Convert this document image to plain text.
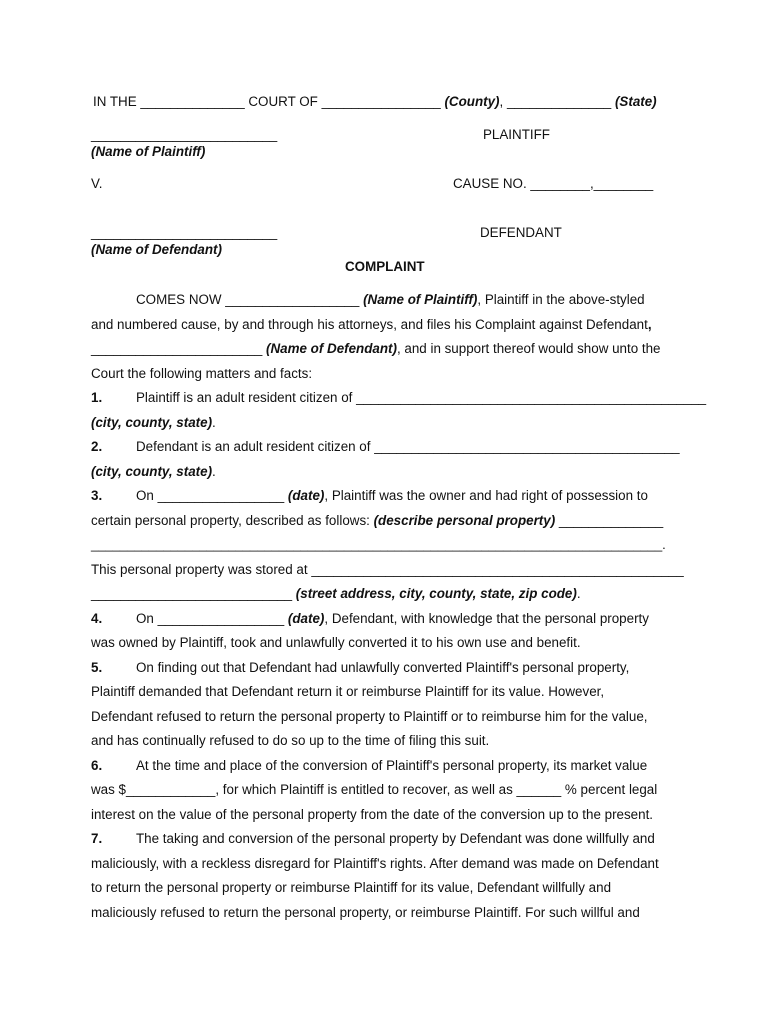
IN THE ______________ COURT OF ________________ (County), ______________ (State)
_________________________	PLAINTIFF
(Name of Plaintiff)
V.	CAUSE NO. ________,________
_________________________	DEFENDANT
(Name of Defendant)
COMPLAINT
COMES NOW __________________ (Name of Plaintiff), Plaintiff in the above-styled
and numbered cause, by and through his attorneys, and files his Complaint against Defendant,
_______________________ (Name of Defendant), and in support thereof would show unto the
Court the following matters and facts:
1.	Plaintiff is an adult resident citizen of _______________________________________________
(city, county, state).
2.	Defendant is an adult resident citizen of _________________________________________
(city, county, state).
3.	On _________________ (date), Plaintiff was the owner and had right of possession to
certain personal property, described as follows: (describe personal property) ______________
_______________________________________________________________________________.
This personal property was stored at __________________________________________________
___________________________ (street address, city, county, state, zip code).
4.	On _________________ (date), Defendant, with knowledge that the personal property
was owned by Plaintiff, took and unlawfully converted it to his own use and benefit.
5.	On finding out that Defendant had unlawfully converted Plaintiff's personal property,
Plaintiff demanded that Defendant return it or reimburse Plaintiff for its value. However,
Defendant refused to return the personal property to Plaintiff or to reimburse him for the value,
and has continually refused to do so up to the time of filing this suit.
6.	At the time and place of the conversion of Plaintiff's personal property, its market value
was $____________, for which Plaintiff is entitled to recover, as well as ______ % percent legal
interest on the value of the personal property from the date of the conversion up to the present.
7.	The taking and conversion of the personal property by Defendant was done willfully and
maliciously, with a reckless disregard for Plaintiff's rights. After demand was made on Defendant
to return the personal property or reimburse Plaintiff for its value, Defendant willfully and
maliciously refused to return the personal property, or reimburse Plaintiff. For such willful and
